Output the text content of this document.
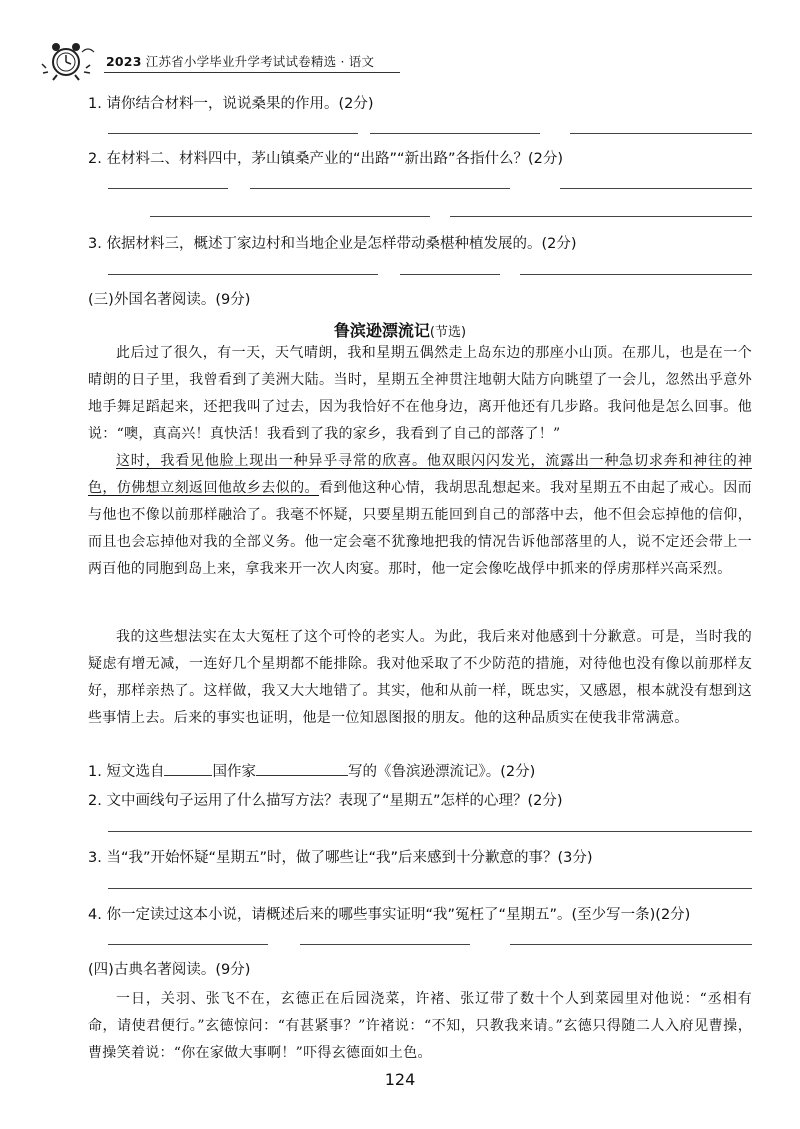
2023 江苏省小学毕业升学考试试卷精选 · 语文
1. 请你结合材料一，说说桑果的作用。(2分)
2. 在材料二、材料四中，茅山镇桑产业的“出路”“新出路”各指什么？(2分)
3. 依据材料三，概述丁家边村和当地企业是怎样带动桑椹种植发展的。(2分)
(三)外国名著阅读。(9分)
鲁滨逊漂流记(节选)
此后过了很久，有一天，天气晴朗，我和星期五偶然走上岛东边的那座小山顶。在那儿，也是在一个晴朗的日子里，我曾看到了美洲大陆。当时，星期五全神贯注地朝大陆方向眺望了一会儿，忽然出乎意外地手舞足蹈起来，还把我叫了过去，因为我恰好不在他身边，离开他还有几步路。我问他是怎么回事。他说：“噢，真高兴！真快活！我看到了我的家乡，我看到了自己的部落了！”
这时，我看见他脸上现出一种异乎寻常的欣喜。他双眼闪闪发光，流露出一种急切求奔和神往的神色，仿佛想立刻返回他故乡去似的。看到他这种心情，我胡思乱想起来。我对星期五不由起了戒心。因而与他也不像以前那样融洽了。我毫不怀疑，只要星期五能回到自己的部落中去，他不但会忘掉他的信仰，而且也会忘掉他对我的全部义务。他一定会毫不犹豫地把我的情况告诉他部落里的人，说不定还会带上一两百他的同胞到岛上来，拿我来开一次人肉宴。那时，他一定会像吃战俘中抓来的俘虏那样兴高采烈。
我的这些想法实在太大冤枉了这个可怜的老实人。为此，我后来对他感到十分歉意。可是，当时我的疑虑有增无减，一连好几个星期都不能排除。我对他采取了不少防范的措施，对待他也没有像以前那样友好，那样亲热了。这样做，我又大大地错了。其实，他和从前一样，既忠实，又感恩，根本就没有想到这些事情上去。后来的事实也证明，他是一位知恩图报的朋友。他的这种品质实在使我非常满意。
1. 短文选自	国作家	写的《鲁滨逊漂流记》。(2分)
2. 文中画线句子运用了什么描写方法？表现了“星期五”怎样的心理？(2分)
3. 当“我”开始怀疑“星期五”时，做了哪些让“我”后来感到十分歉意的事？(3分)
4. 你一定读过这本小说，请概述后来的哪些事实证明“我”冤枉了“星期五”。(至少写一条)(2分)
(四)古典名著阅读。(9分)
一日，关羽、张飞不在，玄德正在后园浇菜，许褚、张辽带了数十个人到菜园里对他说：“丞相有命，请使君便行。”玄德惊问：“有甚紧事？”许褚说：“不知，只教我来请。”玄德只得随二人入府见曹操，曹操笑着说：“你在家做大事啊！”吓得玄德面如土色。
124
